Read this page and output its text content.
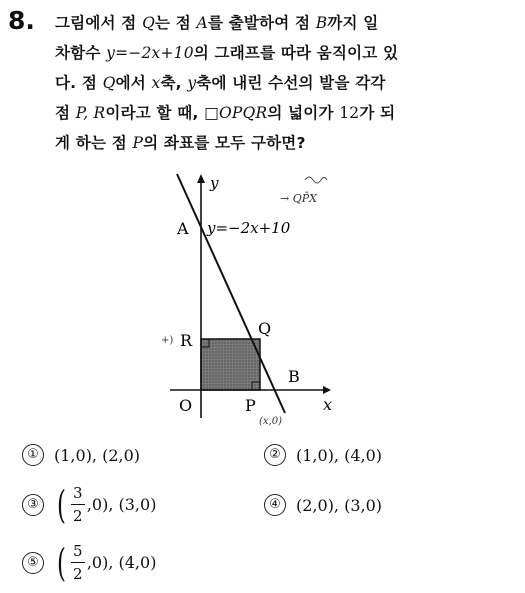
8. 그림에서 점 Q는 점 A를 출발하여 점 B까지 일
차함수 y=−2x+10의 그래프를 따라 움직이고 있
다. 점 Q에서 x축, y축에 내린 수선의 발을 각각
점 P, R이라고 할 때, □OPQR의 넓이가 12가 되
게 하는 점 P의 좌표를 모두 구하면?
y
x
O
A y=−2x+10
Q
R
B
P
→ QP̄X
+)
(x,0)
① (1,0), (2,0)	② (1,0), (4,0)
③ ( $\frac{3}{2} ,0$), (3,0)	④ (2,0), (3,0)
⑤ ( $\frac{5}{2} ,0$), (4,0)
